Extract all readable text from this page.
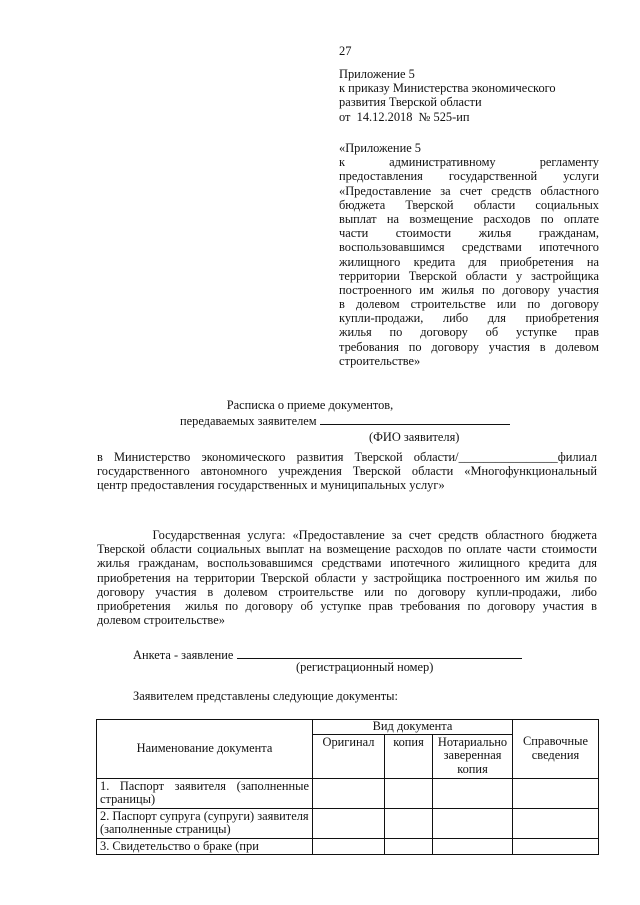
27
Приложение 5
к приказу Министерства экономического
развития Тверской области
от  14.12.2018  № 525-ип
«Приложение 5
к            административному            регламенту
предоставления      государственной      услуги
«Предоставление за счет средств областного
бюджета  Тверской  области  социальных
выплат на возмещение расходов по оплате
части      стоимости      жилья      гражданам,
воспользовавшимся средствами ипотечного
жилищного кредита для приобретения на
территории Тверской области у застройщика
построенного им жилья по договору участия
в долевом строительстве или по договору
купли-продажи,  либо  для  приобретения
жилья  по  договору  об  уступке  прав
требования по договору участия в долевом
строительстве»
Расписка о приеме документов,
передаваемых заявителем
(ФИО заявителя)
в Министерство экономического развития Тверской области/________________филиал
государственного автономного учреждения Тверской области «Многофункциональный
центр предоставления государственных и муниципальных услуг»
Государственная услуга: «Предоставление за счет средств областного бюджета
Тверской области социальных выплат на возмещение расходов по оплате части стоимости
жилья гражданам, воспользовавшимся средствами ипотечного жилищного кредита для
приобретения на территории Тверской области у застройщика построенного им жилья по
договору участия в долевом строительстве или по договору купли-продажи, либо
приобретения  жилья по договору об уступке прав требования по договору участия в
долевом строительстве»
Анкета - заявление
(регистрационный номер)
Заявителем представлены следующие документы:
Наименование документа	Вид документа			Справочные сведения
	Оригинал	копия	Нотариально заверенная копия	
1. Паспорт заявителя (заполненные страницы)				
2. Паспорт супруга (супруги) заявителя (заполненные страницы)				
3. Свидетельство о браке (при				
